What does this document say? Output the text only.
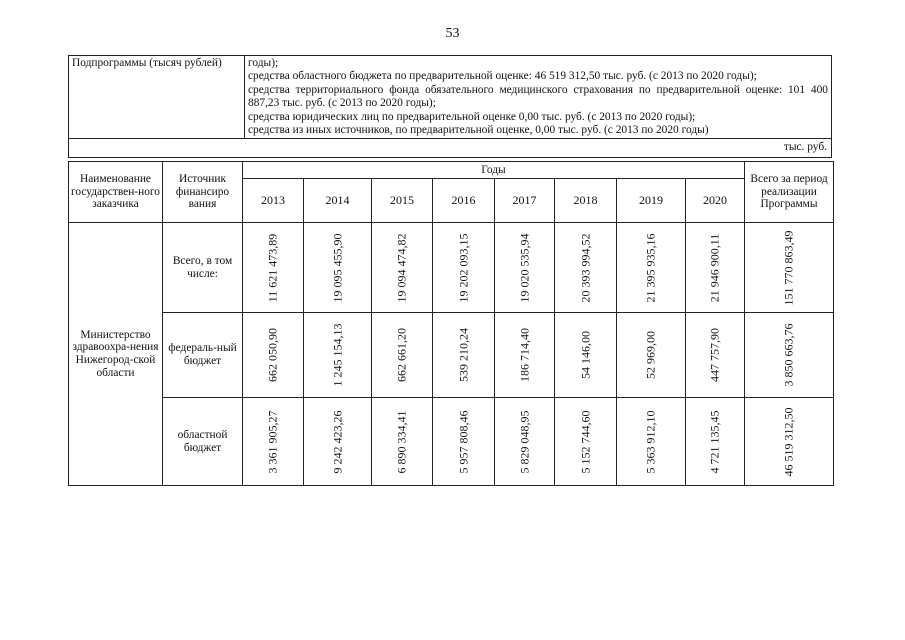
53
Подпрограммы (тысяч рублей)	годы);
средства областного бюджета по предварительной оценке: 46 519 312,50 тыс. руб. (с 2013 по 2020 годы);
средства территориального фонда обязательного медицинского страхования по предварительной оценке: 101 400 887,23 тыс. руб. (с 2013 по 2020 годы);
средства юридических лиц по предварительной оценке 0,00 тыс. руб. (с 2013 по 2020 годы);
средства из иных источников, по предварительной оценке, 0,00 тыс. руб. (с 2013 по 2020 годы)

тыс. руб.
Наименование государствен-ного заказчика	Источник финансиро вания	Годы								Всего за период реализации Программы
		2013	2014	2015	2016	2017	2018	2019	2020	
Министерство здравоохра-нения Нижегород-ской области	Всего, в том числе:	11 621 473,89	19 095 455,90	19 094 474,82	19 202 093,15	19 020 535,94	20 393 994,52	21 395 935,16	21 946 900,11	151 770 863,49

	федераль-ный бюджет	662 050,90	1 245 154,13	662 661,20	539 210,24	186 714,40	54 146,00	52 969,00	447 757,90	3 850 663,76

	областной бюджет	3 361 905,27	9 242 423,26	6 890 334,41	5 957 808,46	5 829 048,95	5 152 744,60	5 363 912,10	4 721 135,45	46 519 312,50
